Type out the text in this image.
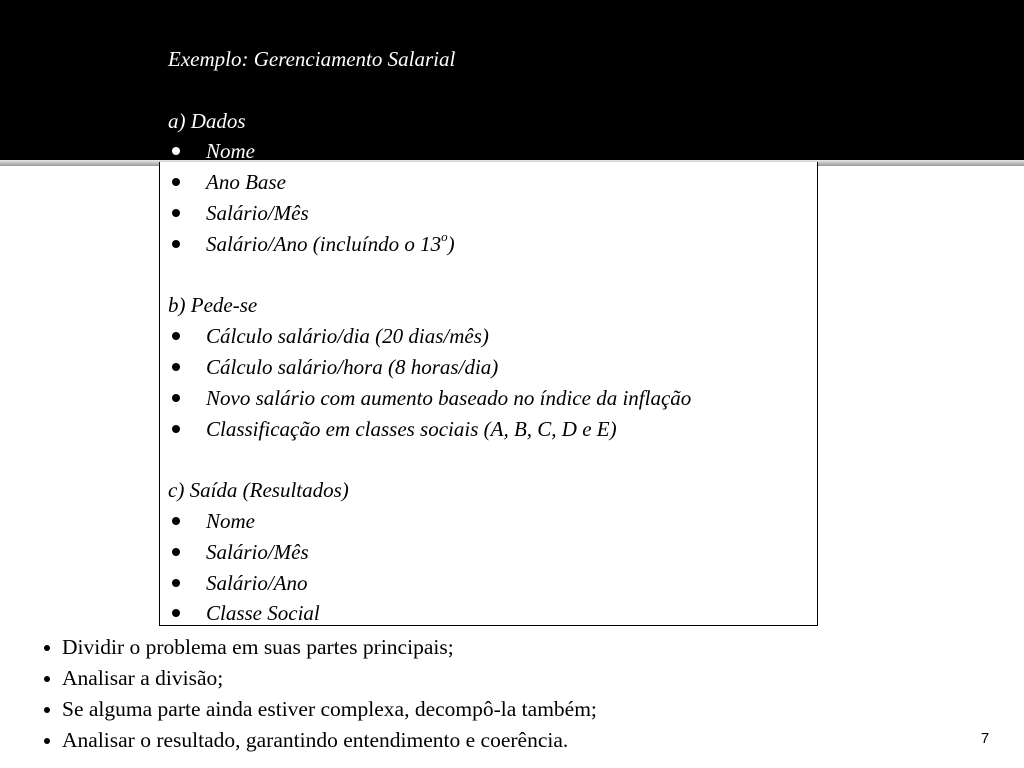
Exemplo: Gerenciamento Salarial
a) Dados
Nome
Ano Base
Salário/Mês
Salário/Ano (incluíndo o 13$^o$)
b) Pede-se
Cálculo salário/dia (20 dias/mês)
Cálculo salário/hora (8 horas/dia)
Novo salário com aumento baseado no índice da inflação
Classificação em classes sociais (A, B, C, D e E)
c) Saída (Resultados)
Nome
Salário/Mês
Salário/Ano
Classe Social
Dividir o problema em suas partes principais;
Analisar a divisão;
Se alguma parte ainda estiver complexa, decompô-la também;
Analisar o resultado, garantindo entendimento e coerência.	7
